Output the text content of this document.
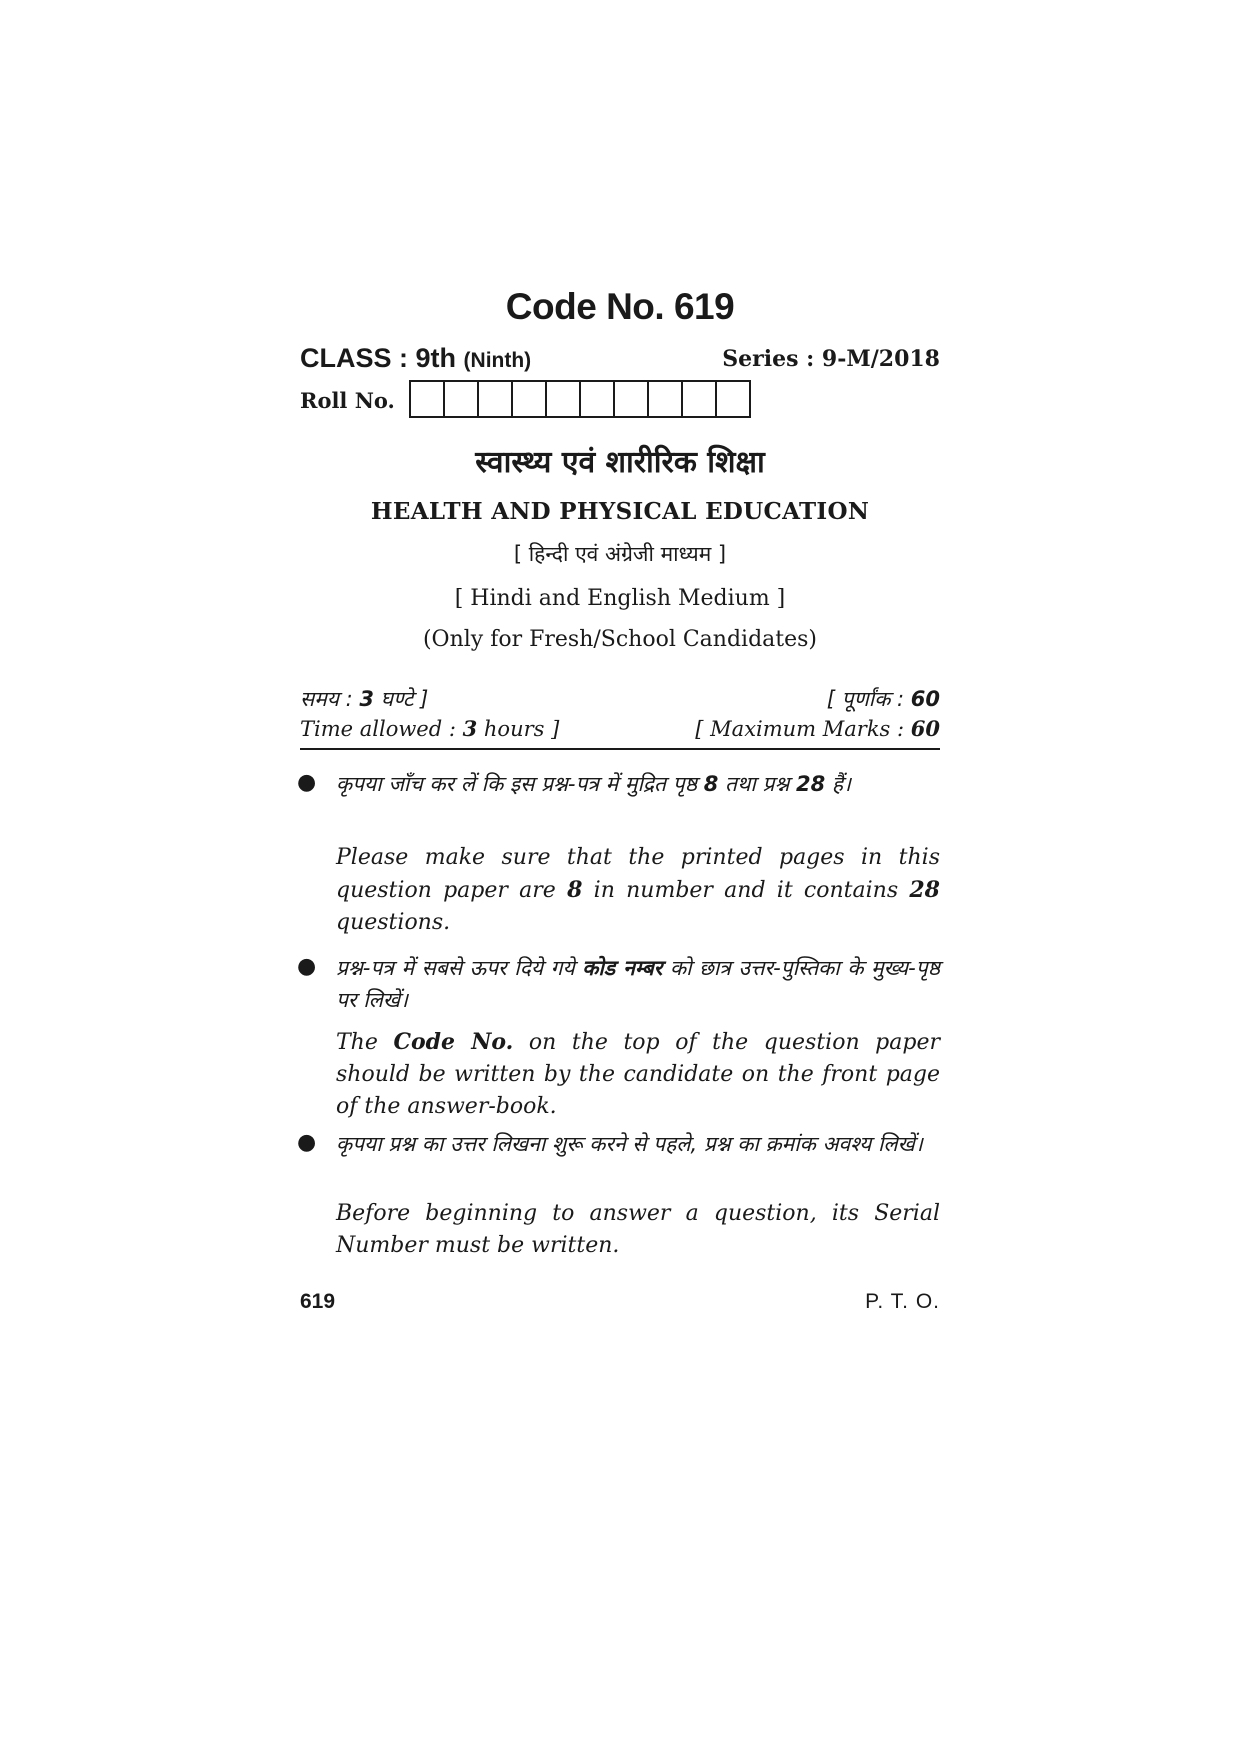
Code No. 619
CLASS : 9th (Ninth)	Series : 9-M/2018
Roll No.
स्वास्थ्य एवं शारीरिक शिक्षा
HEALTH AND PHYSICAL EDUCATION
[ हिन्दी एवं अंग्रेजी माध्यम ]
[ Hindi and English Medium ]
(Only for Fresh/School Candidates)
समय : 3 घण्टे ]	[ पूर्णांक : 60
Time allowed : 3 hours ]	[ Maximum Marks : 60
● कृपया जाँच कर लें कि इस प्रश्न-पत्र में मुद्रित पृष्ठ 8 तथा प्रश्न 28 हैं।
Please make sure that the printed pages in this question paper are 8 in number and it contains 28 questions.
● प्रश्न-पत्र में सबसे ऊपर दिये गये कोड नम्बर को छात्र उत्तर-पुस्तिका के मुख्य-पृष्ठ पर लिखें।
The Code No. on the top of the question paper should be written by the candidate on the front page of the answer-book.
● कृपया प्रश्न का उत्तर लिखना शुरू करने से पहले, प्रश्न का क्रमांक अवश्य लिखें।
Before beginning to answer a question, its Serial Number must be written.
619	P. T. O.
